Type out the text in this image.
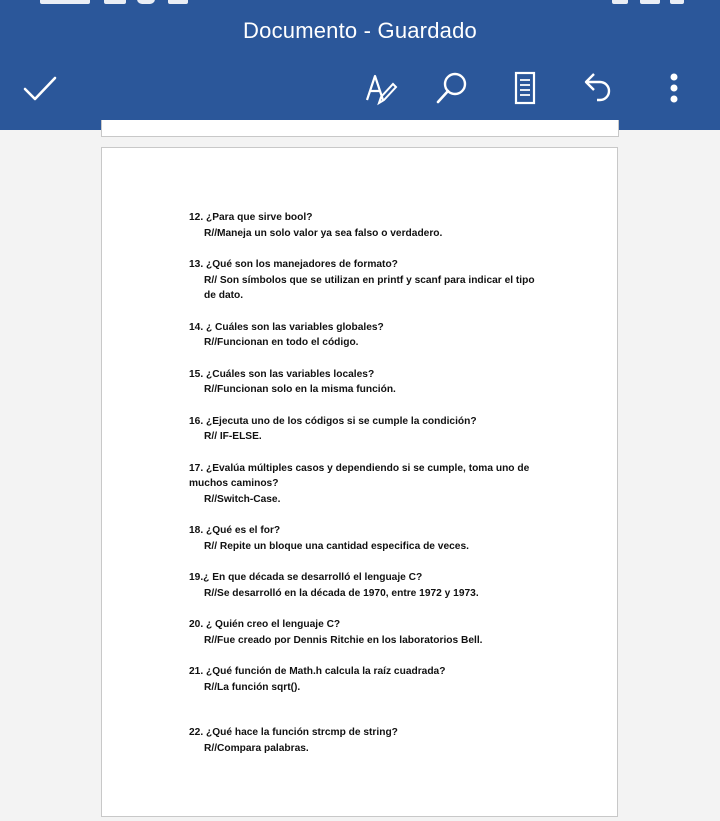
Documento - Guardado
12. ¿Para que sirve bool?
R//Maneja un solo valor ya sea falso o verdadero.
13. ¿Qué son los manejadores de formato?
R// Son símbolos que se utilizan en printf y scanf para indicar el tipo de dato.
14. ¿ Cuáles son las variables globales?
R//Funcionan en todo el código.
15. ¿Cuáles son las variables locales?
R//Funcionan solo en la misma función.
16. ¿Ejecuta uno de los códigos si se cumple la condición?
R// IF-ELSE.
17. ¿Evalúa múltiples casos y dependiendo si se cumple, toma uno de muchos caminos?
R//Switch-Case.
18. ¿Qué es el for?
R// Repite un bloque una cantidad especifica de veces.
19.¿ En que década se desarrolló el lenguaje C?
R//Se desarrolló en la década de 1970, entre 1972 y 1973.
20. ¿ Quién creo el lenguaje C?
R//Fue creado por Dennis Ritchie en los laboratorios Bell.
21. ¿Qué función de Math.h calcula la raíz cuadrada?
R//La función sqrt().
22. ¿Qué hace la función strcmp de string?
R//Compara palabras.
